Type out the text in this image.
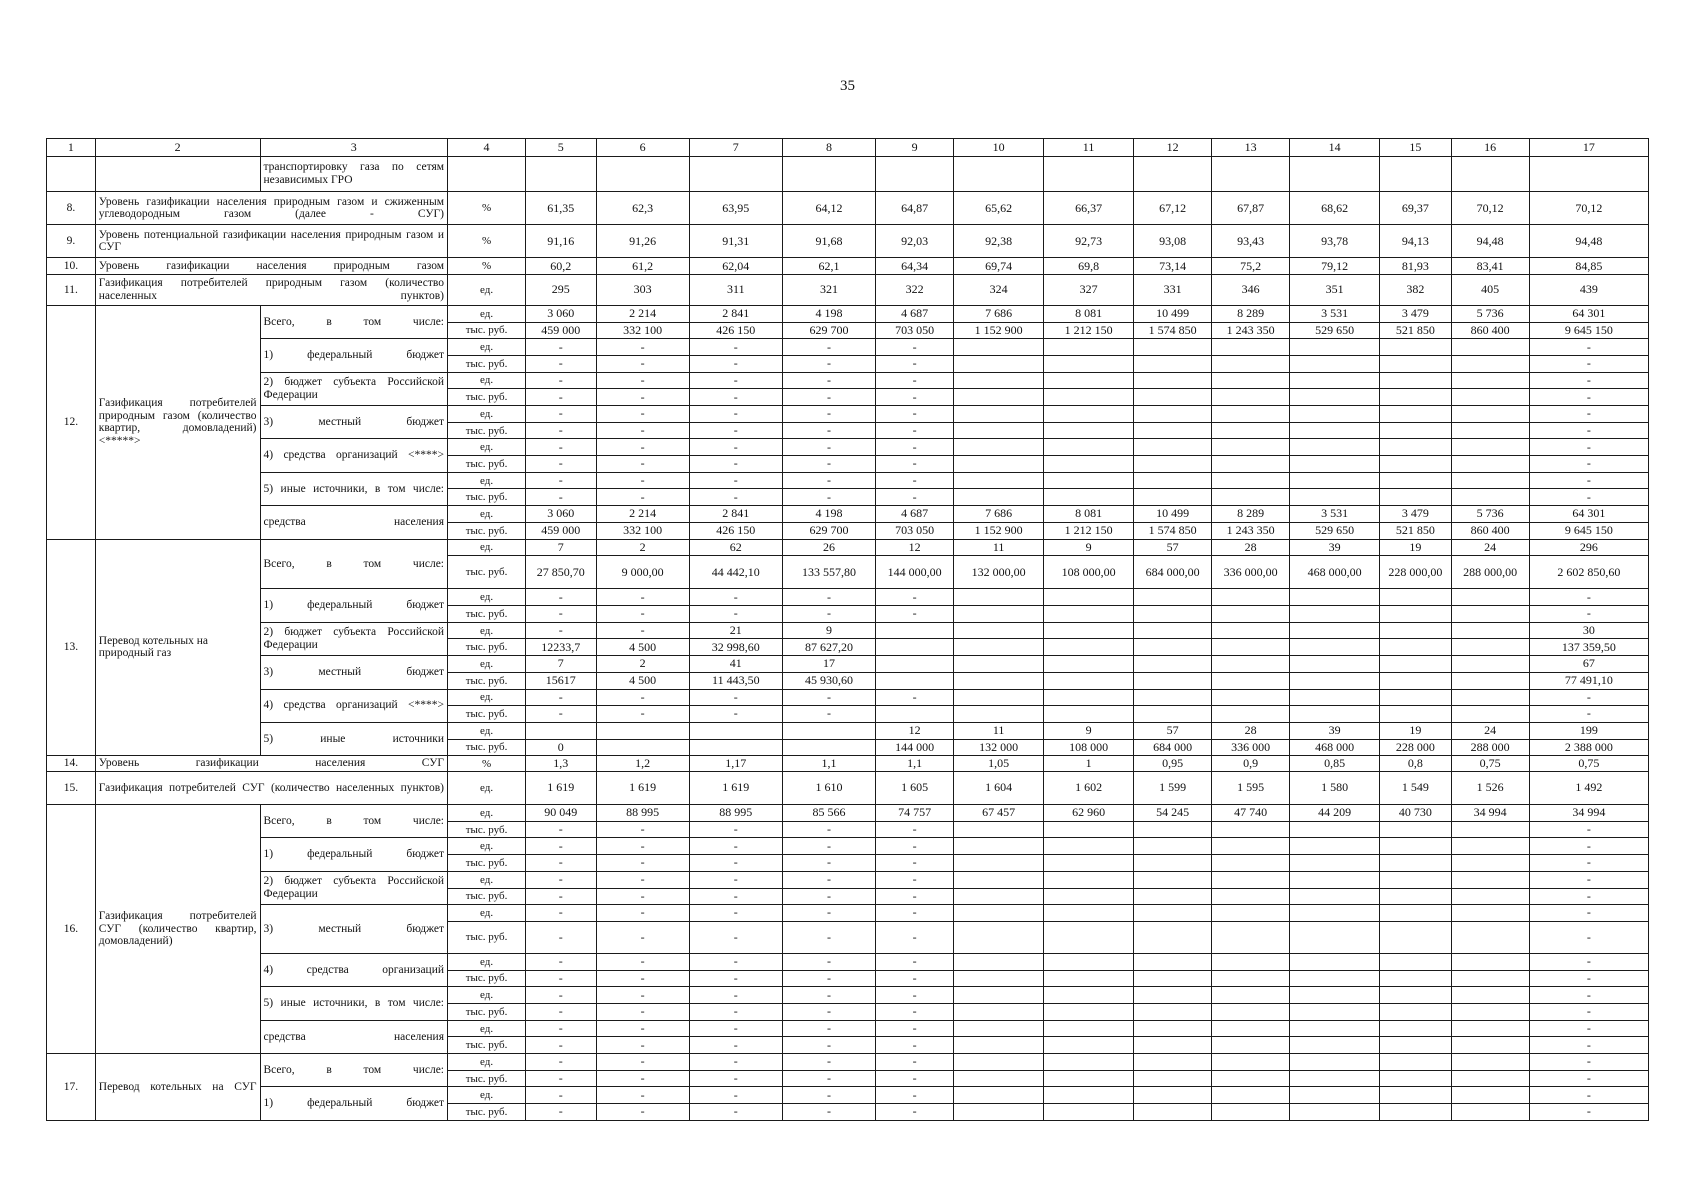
35
1	2	3	4	5	6	7	8	9	10	11	12	13	14	15	16	17
		транспортировку газа по сетям независимых ГРО														
8.	Уровень газификации населения природным газом и сжиженным углеводородным газом (далее - СУГ)		%	61,35	62,3	63,95	64,12	64,87	65,62	66,37	67,12	67,87	68,62	69,37	70,12	70,12
9.	Уровень потенциальной газификации населения природным газом и СУГ		%	91,16	91,26	91,31	91,68	92,03	92,38	92,73	93,08	93,43	93,78	94,13	94,48	94,48
10.	Уровень газификации населения природным газом		%	60,2	61,2	62,04	62,1	64,34	69,74	69,8	73,14	75,2	79,12	81,93	83,41	84,85
11.	Газификация потребителей природным газом (количество населенных пунктов)		ед.	295	303	311	321	322	324	327	331	346	351	382	405	439
12.	Газификация потребителей природным газом (количество квартир, домовладений) <*****>	Всего, в том числе:	ед.	3 060	2 214	2 841	4 198	4 687	7 686	8 081	10 499	8 289	3 531	3 479	5 736	64 301
			тыс. руб.	459 000	332 100	426 150	629 700	703 050	1 152 900	1 212 150	1 574 850	1 243 350	529 650	521 850	860 400	9 645 150
		1) федеральный бюджет	ед.	-	-	-	-	-								-
			тыс. руб.	-	-	-	-	-								-
		2) бюджет субъекта Российской Федерации	ед.	-	-	-	-	-								-
			тыс. руб.	-	-	-	-	-								-
		3) местный бюджет	ед.	-	-	-	-	-								-
			тыс. руб.	-	-	-	-	-								-
		4) средства организаций <****>	ед.	-	-	-	-	-								-
			тыс. руб.	-	-	-	-	-								-
		5) иные источники, в том числе:	ед.	-	-	-	-	-								-
			тыс. руб.	-	-	-	-	-								-
		средства населения	ед.	3 060	2 214	2 841	4 198	4 687	7 686	8 081	10 499	8 289	3 531	3 479	5 736	64 301
			тыс. руб.	459 000	332 100	426 150	629 700	703 050	1 152 900	1 212 150	1 574 850	1 243 350	529 650	521 850	860 400	9 645 150
13.	Перевод котельных на природный газ	Всего, в том числе:	ед.	7	2	62	26	12	11	9	57	28	39	19	24	296
			тыс. руб.	27 850,70	9 000,00	44 442,10	133 557,80	144 000,00	132 000,00	108 000,00	684 000,00	336 000,00	468 000,00	228 000,00	288 000,00	2 602 850,60
		1) федеральный бюджет	ед.	-	-	-	-	-								-
			тыс. руб.	-	-	-	-	-								-
		2) бюджет субъекта Российской Федерации	ед.	-	-	21	9									30
			тыс. руб.	12233,7	4 500	32 998,60	87 627,20									137 359,50
		3) местный бюджет	ед.	7	2	41	17									67
			тыс. руб.	15617	4 500	11 443,50	45 930,60									77 491,10
		4) средства организаций <****>	ед.	-	-	-	-	-								-
			тыс. руб.	-	-	-	-									-
		5) иные источники	ед.					12	11	9	57	28	39	19	24	199
			тыс. руб.	0				144 000	132 000	108 000	684 000	336 000	468 000	228 000	288 000	2 388 000
14.	Уровень газификации населения СУГ		%	1,3	1,2	1,17	1,1	1,1	1,05	1	0,95	0,9	0,85	0,8	0,75	0,75
15.	Газификация потребителей СУГ (количество населенных пунктов)		ед.	1 619	1 619	1 619	1 610	1 605	1 604	1 602	1 599	1 595	1 580	1 549	1 526	1 492
16.	Газификация потребителей СУГ (количество квартир, домовладений)	Всего, в том числе:	ед.	90 049	88 995	88 995	85 566	74 757	67 457	62 960	54 245	47 740	44 209	40 730	34 994	34 994
			тыс. руб.	-	-	-	-	-								-
		1) федеральный бюджет	ед.	-	-	-	-	-								-
			тыс. руб.	-	-	-	-	-								-
		2) бюджет субъекта Российской Федерации	ед.	-	-	-	-	-								-
			тыс. руб.	-	-	-	-	-								-
		3) местный бюджет	ед.	-	-	-	-	-								-
			тыс. руб.	-	-	-	-	-								-
		4) средства организаций	ед.	-	-	-	-	-								-
			тыс. руб.	-	-	-	-	-								-
		5) иные источники, в том числе:	ед.	-	-	-	-	-								-
			тыс. руб.	-	-	-	-	-								-
		средства населения	ед.	-	-	-	-	-								-
			тыс. руб.	-	-	-	-	-								-
17.	Перевод котельных на СУГ	Всего, в том числе:	ед.	-	-	-	-	-								-
			тыс. руб.	-	-	-	-	-								-
		1) федеральный бюджет	ед.	-	-	-	-	-								-
			тыс. руб.	-	-	-	-	-								-
